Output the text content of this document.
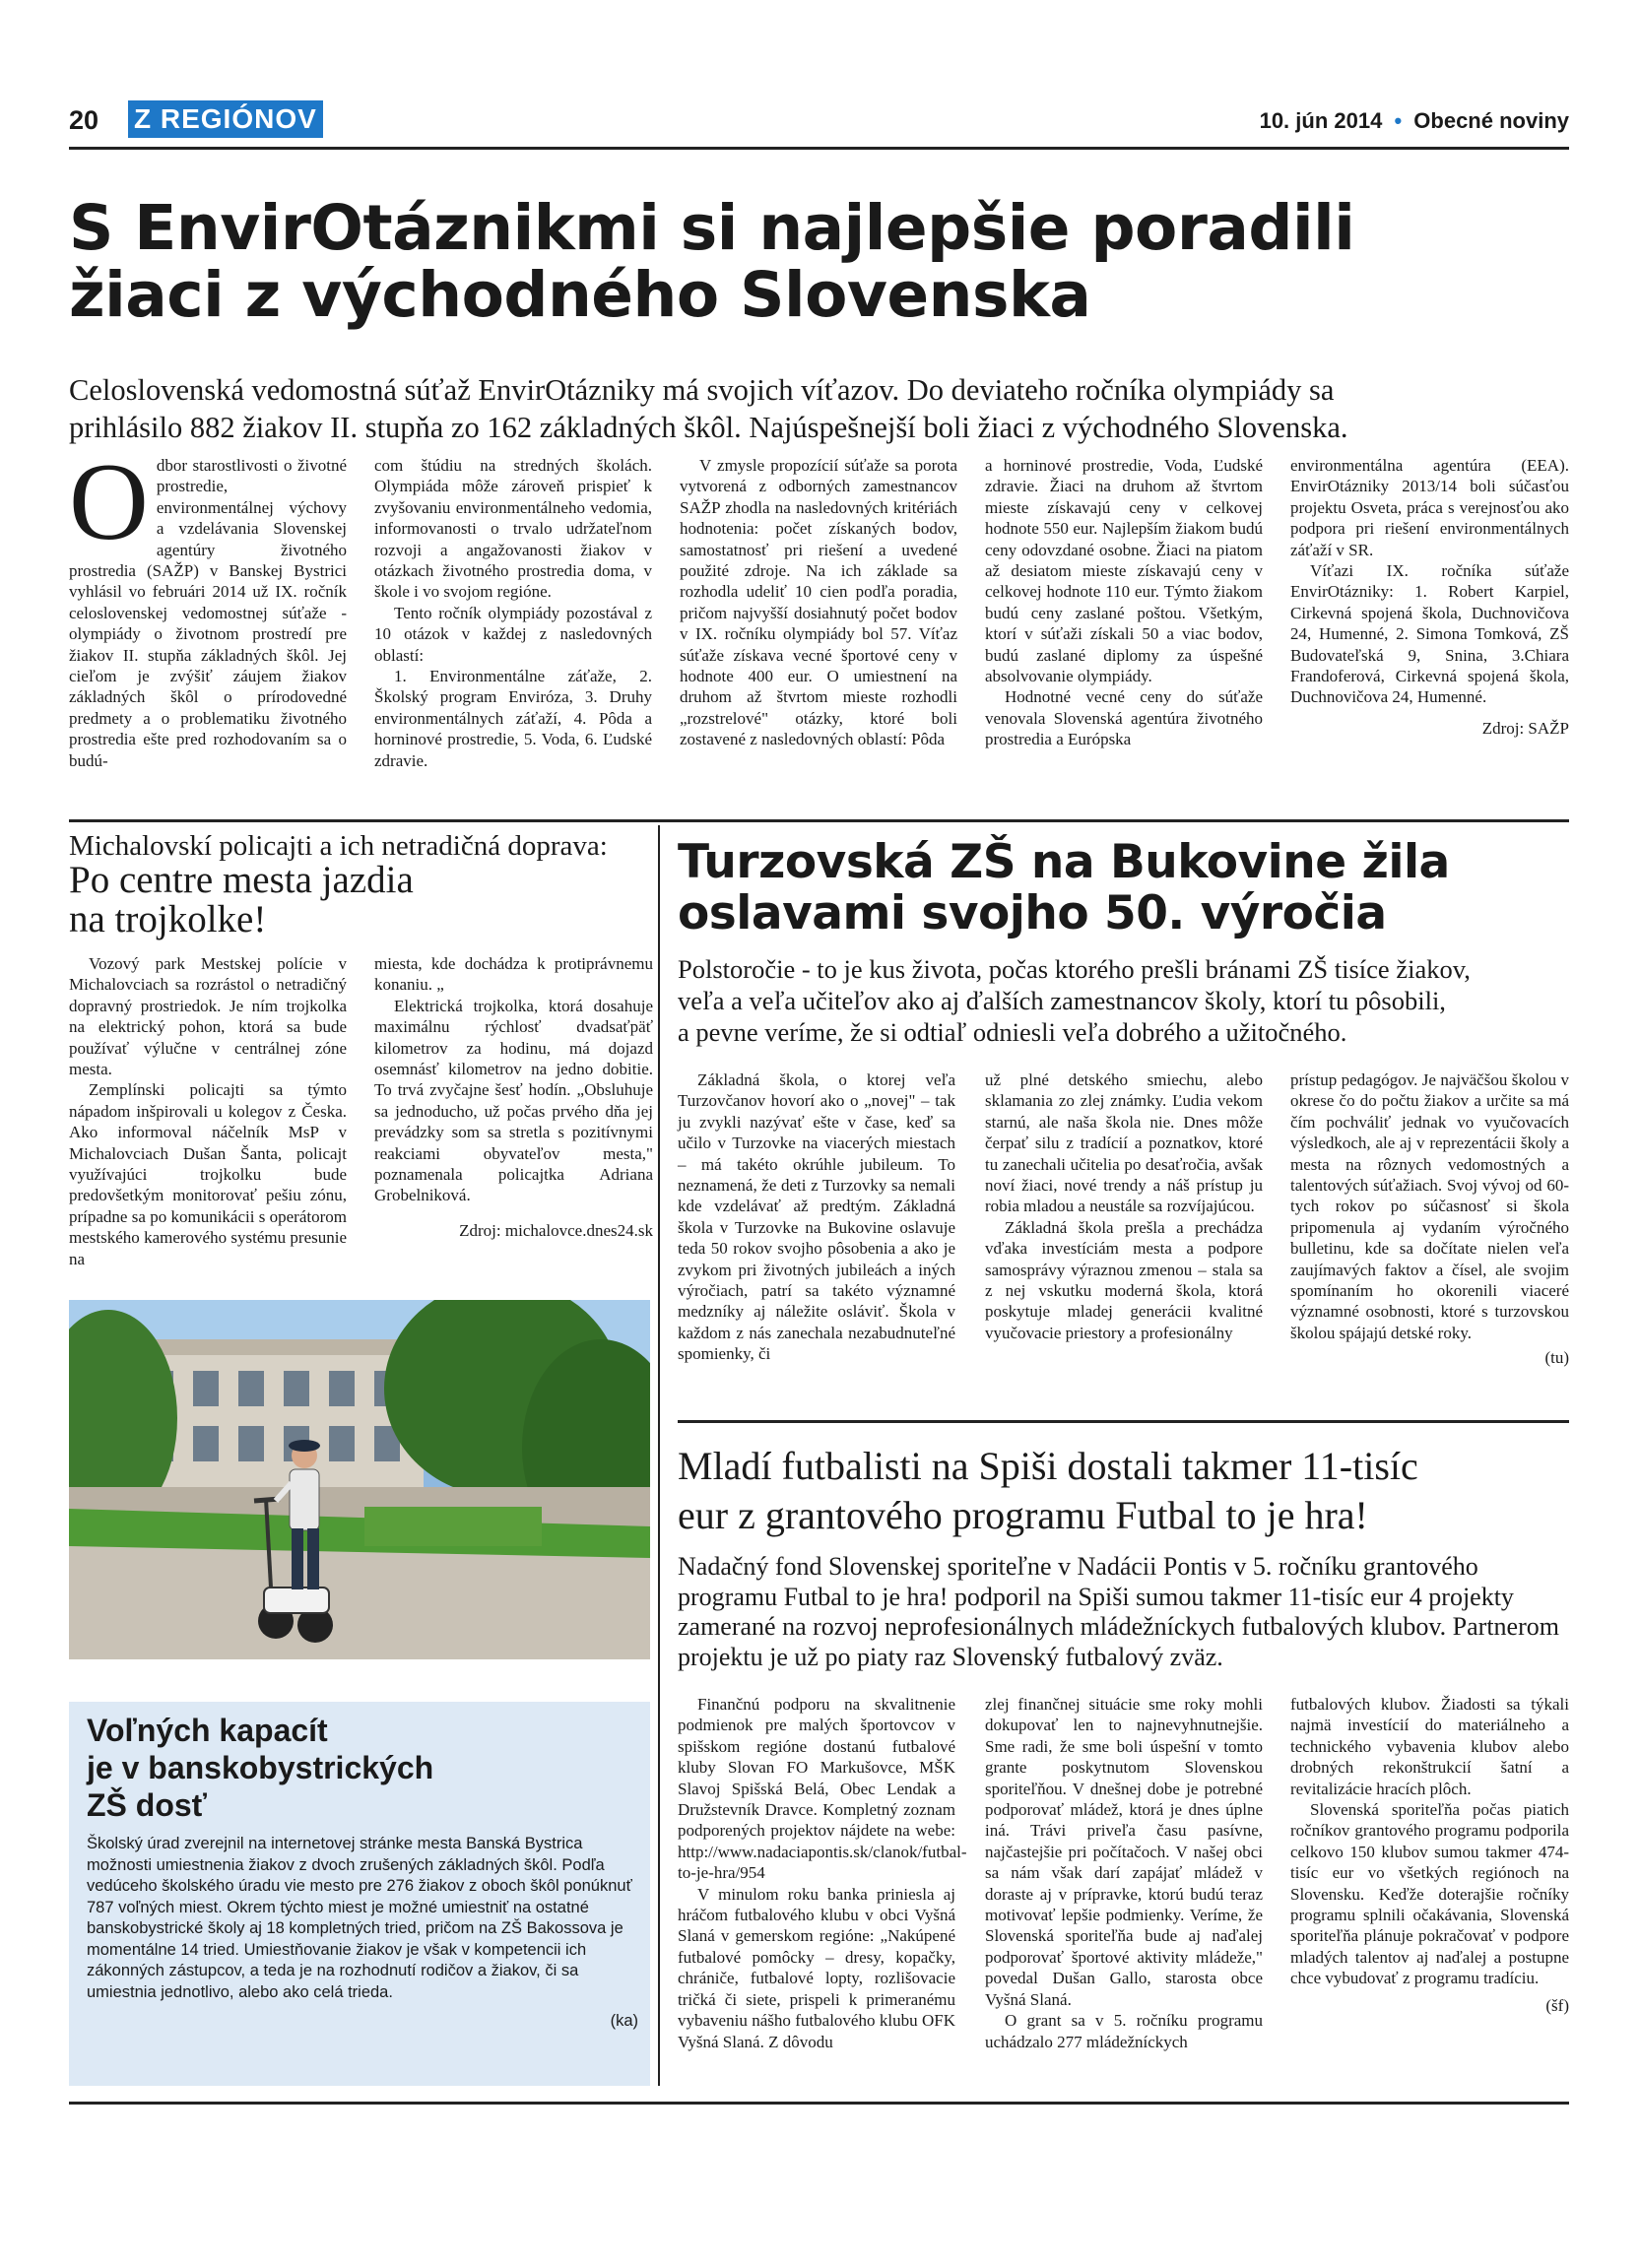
20 Z REGIÓNOV	10. jún 2014 • Obecné noviny
S EnvirOtáznikmi si najlepšie poradili
žiaci z východného Slovenska
Celoslovenská vedomostná súťaž EnvirOtázniky má svojich víťazov. Do deviateho ročníka olympiády sa
prihlásilo 882 žiakov II. stupňa zo 162 základných škôl. Najúspešnejší boli žiaci z východného Slovenska.
O dbor starostlivosti o životné prostredie, environmentálnej výchovy a vzdelávania Slovenskej agentúry životného prostredia (SAŽP) v Banskej Bystrici vyhlásil vo februári 2014 už IX. ročník celoslovenskej vedomostnej súťaže - olympiády o životnom prostredí pre žiakov II. stupňa základných škôl. Jej cieľom je zvýšiť záujem žiakov základných škôl o prírodovedné predmety a o problematiku životného prostredia ešte pred rozhodovaním sa o budú-

com štúdiu na stredných školách. Olympiáda môže zároveň prispieť k zvyšovaniu environmentálneho vedomia, informovanosti o trvalo udržateľnom rozvoji a angažovanosti žiakov v otázkach životného prostredia doma, v škole i vo svojom regióne.

Tento ročník olympiády pozostával z 10 otázok v každej z nasledovných oblastí:

1. Environmentálne záťaže, 2. Školský program Enviróza, 3. Druhy environmentálnych záťaží, 4. Pôda a horninové prostredie, 5. Voda, 6. Ľudské zdravie.

V zmysle propozícií súťaže sa porota vytvorená z odborných zamestnancov SAŽP zhodla na nasledovných kritériách hodnotenia: počet získaných bodov, samostatnosť pri riešení a uvedené použité zdroje. Na ich základe sa rozhodla udeliť 10 cien podľa poradia, pričom najvyšší dosiahnutý počet bodov v IX. ročníku olympiády bol 57. Víťaz súťaže získava vecné športové ceny v hodnote 400 eur. O umiestnení na druhom až štvrtom mieste rozhodli „rozstrelové" otázky, ktoré boli zostavené z nasledovných oblastí: Pôda

a horninové prostredie, Voda, Ľudské zdravie. Žiaci na druhom až štvrtom mieste získavajú ceny v celkovej hodnote 550 eur. Najlepším žiakom budú ceny odovzdané osobne. Žiaci na piatom až desiatom mieste získavajú ceny v celkovej hodnote 110 eur. Týmto žiakom budú ceny zaslané poštou. Všetkým, ktorí v súťaži získali 50 a viac bodov, budú zaslané diplomy za úspešné absolvovanie olympiády.

Hodnotné vecné ceny do súťaže venovala Slovenská agentúra životného prostredia a Európska

environmentálna agentúra (EEA). EnvirOtázniky 2013/14 boli súčasťou projektu Osveta, práca s verejnosťou ako podpora pri riešení environmentálnych záťaží v SR.

Víťazi IX. ročníka súťaže EnvirOtázniky: 1. Robert Karpiel, Cirkevná spojená škola, Duchnovičova 24, Humenné, 2. Simona Tomková, ZŠ Budovateľská 9, Snina, 3.Chiara Frandoferová, Cirkevná spojená škola, Duchnovičova 24, Humenné.

Zdroj: SAŽP
Michalovskí policajti a ich netradičná doprava:
Po centre mesta jazdia
na trojkolke!

Vozový park Mestskej polície v Michalovciach sa rozrástol o netradičný dopravný prostriedok. Je ním trojkolka na elektrický pohon, ktorá sa bude používať výlučne v centrálnej zóne mesta.

Zemplínski policajti sa týmto nápadom inšpirovali u kolegov z Česka. Ako informoval náčelník MsP v Michalovciach Dušan Šanta, policajt využívajúci trojkolku bude predovšetkým monitorovať pešiu zónu, prípadne sa po komunikácii s operátorom mestského kamerového systému presunie na

miesta, kde dochádza k protiprávnemu konaniu. „

Elektrická trojkolka, ktorá dosahuje maximálnu rýchlosť dvadsaťpäť kilometrov za hodinu, má dojazd osemnásť kilometrov na jedno dobitie. To trvá zvyčajne šesť hodín. „Obsluhuje sa jednoducho, už počas prvého dňa jej prevádzky som sa stretla s pozitívnymi reakciami obyvateľov mesta," poznamenala policajtka Adriana Grobelniková.

Zdroj: michalovce.dnes24.sk
Voľných kapacít
je v banskobystrických
ZŠ dosť
Školský úrad zverejnil na internetovej stránke mesta Banská Bystrica možnosti umiestnenia žiakov z dvoch zrušených základných škôl. Podľa vedúceho školského úradu vie mesto pre 276 žiakov z oboch škôl ponúknuť 787 voľných miest. Okrem týchto miest je možné umiestniť na ostatné banskobystrické školy aj 18 kompletných tried, pričom na ZŠ Bakossova je momentálne 14 tried. Umiestňovanie žiakov je však v kompetencii ich zákonných zástupcov, a teda je na rozhodnutí rodičov a žiakov, či sa umiestnia jednotlivo, alebo ako celá trieda.
(ka)
Turzovská ZŠ na Bukovine žila
oslavami svojho 50. výročia
Polstoročie - to je kus života, počas ktorého prešli bránami ZŠ tisíce žiakov,
veľa a veľa učiteľov ako aj ďalších zamestnancov školy, ktorí tu pôsobili,
a pevne veríme, že si odtiaľ odniesli veľa dobrého a užitočného.

Základná škola, o ktorej veľa Turzovčanov hovorí ako o „novej" – tak ju zvykli nazývať ešte v čase, keď sa učilo v Turzovke na viacerých miestach – má takéto okrúhle jubileum. To neznamená, že deti z Turzovky sa nemali kde vzdelávať až predtým. Základná škola v Turzovke na Bukovine oslavuje teda 50 rokov svojho pôsobenia a ako je zvykom pri životných jubileách a iných výročiach, patrí sa takéto významné medzníky aj náležite osláviť. Škola v každom z nás zanechala nezabudnuteľné spomienky, či

už plné detského smiechu, alebo sklamania zo zlej známky. Ľudia vekom starnú, ale naša škola nie. Dnes môže čerpať silu z tradícií a poznatkov, ktoré tu zanechali učitelia po desaťročia, avšak noví žiaci, nové trendy a náš prístup ju robia mladou a neustále sa rozvíjajúcou.

Základná škola prešla a prechádza vďaka investíciám mesta a podpore samosprávy výraznou zmenou – stala sa z nej vskutku moderná škola, ktorá poskytuje mladej generácii kvalitné vyučovacie priestory a profesionálny

prístup pedagógov. Je najväčšou školou v okrese čo do počtu žiakov a určite sa má čím pochváliť jednak vo vyučovacích výsledkoch, ale aj v reprezentácii školy a mesta na rôznych vedomostných a talentových súťažiach. Svoj vývoj od 60-tych rokov po súčasnosť si škola pripomenula aj vydaním výročného bulletinu, kde sa dočítate nielen veľa zaujímavých faktov a čísel, ale svojim spomínaním ho okorenili viaceré významné osobnosti, ktoré s turzovskou školou spájajú detské roky.

(tu)
Mladí futbalisti na Spiši dostali takmer 11-tisíc
eur z grantového programu Futbal to je hra!
Nadačný fond Slovenskej sporiteľne v Nadácii Pontis v 5. ročníku grantového programu Futbal to je hra! podporil na Spiši sumou takmer 11-tisíc eur 4 projekty zamerané na rozvoj neprofesionálnych mládežníckych futbalových klubov. Partnerom projektu je už po piaty raz Slovenský futbalový zväz.

Finančnú podporu na skvalitnenie podmienok pre malých športovcov v spišskom regióne dostanú futbalové kluby Slovan FO Markušovce, MŠK Slavoj Spišská Belá, Obec Lendak a Družstevník Dravce. Kompletný zoznam podporených projektov nájdete na webe: http://www.nadaciapontis.sk/clanok/futbal-to-je-hra/954

V minulom roku banka priniesla aj hráčom futbalového klubu v obci Vyšná Slaná v gemerskom regióne: „Nakúpené futbalové pomôcky – dresy, kopačky, chrániče, futbalové lopty, rozlišovacie tričká či siete, prispeli k primeranému vybaveniu nášho futbalového klubu OFK Vyšná Slaná. Z dôvodu

zlej finančnej situácie sme roky mohli dokupovať len to najnevyhnutnejšie. Sme radi, že sme boli úspešní v tomto grante poskytnutom Slovenskou sporiteľňou. V dnešnej dobe je potrebné podporovať mládež, ktorá je dnes úplne iná. Trávi priveľa času pasívne, najčastejšie pri počítačoch. V našej obci sa nám však darí zapájať mládež v doraste aj v prípravke, ktorú budú teraz motivovať lepšie podmienky. Veríme, že Slovenská sporiteľňa bude aj naďalej podporovať športové aktivity mládeže," povedal Dušan Gallo, starosta obce Vyšná Slaná.

O grant sa v 5. ročníku programu uchádzalo 277 mládežníckych

futbalových klubov. Žiadosti sa týkali najmä investícií do materiálneho a technického vybavenia klubov alebo drobných rekonštrukcií šatní a revitalizácie hracích plôch.

Slovenská sporiteľňa počas piatich ročníkov grantového programu podporila celkovo 150 klubov sumou takmer 474-tisíc eur vo všetkých regiónoch na Slovensku. Keďže doterajšie ročníky programu splnili očakávania, Slovenská sporiteľňa plánuje pokračovať v podpore mladých talentov aj naďalej a postupne chce vybudovať z programu tradíciu.

(šf)
